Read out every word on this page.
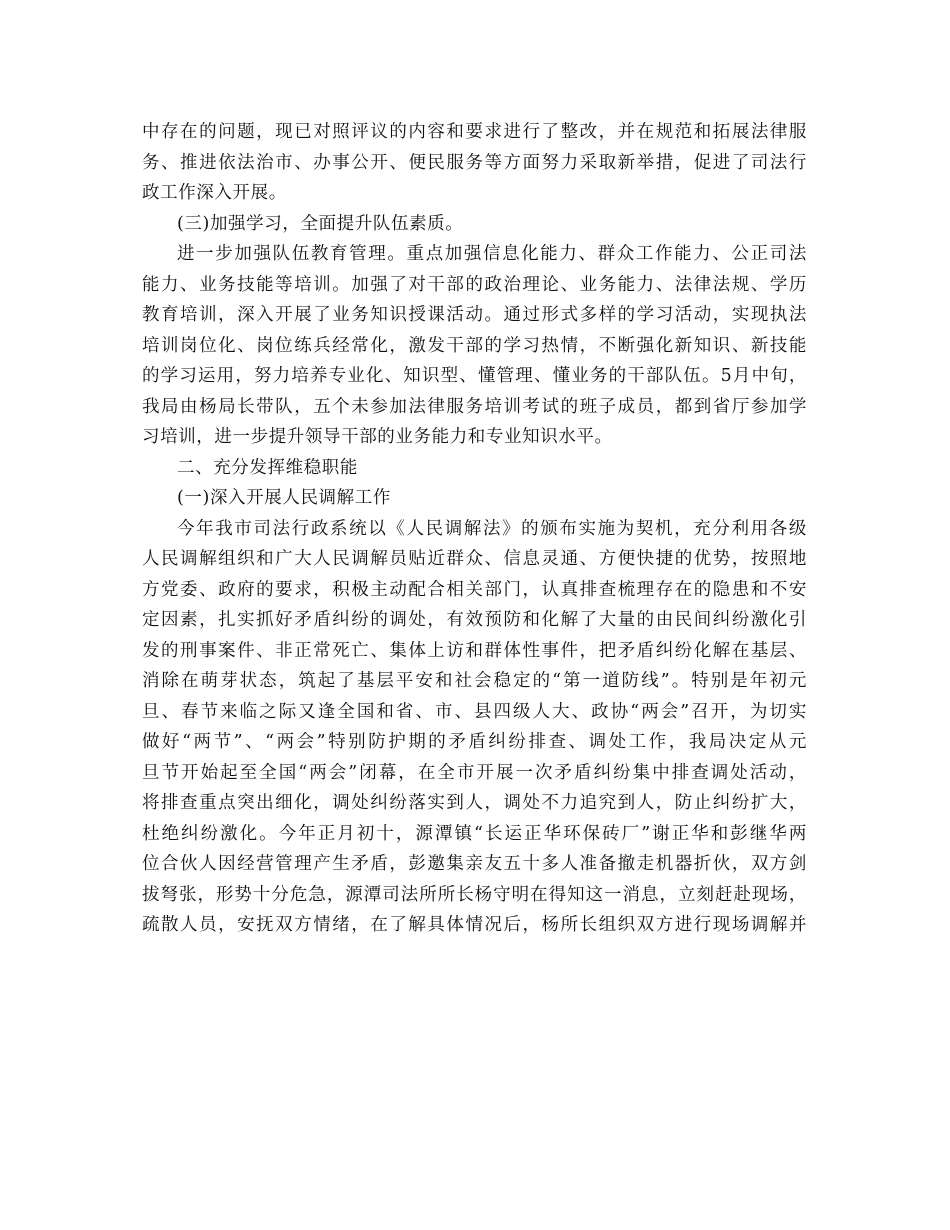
中存在的问题，现已对照评议的内容和要求进行了整改，并在规范和拓展法律服
务、推进依法治市、办事公开、便民服务等方面努力采取新举措，促进了司法行
政工作深入开展。
(三)加强学习，全面提升队伍素质。
进一步加强队伍教育管理。重点加强信息化能力、群众工作能力、公正司法
能力、业务技能等培训。加强了对干部的政治理论、业务能力、法律法规、学历
教育培训，深入开展了业务知识授课活动。通过形式多样的学习活动，实现执法
培训岗位化、岗位练兵经常化，激发干部的学习热情，不断强化新知识、新技能
的学习运用，努力培养专业化、知识型、懂管理、懂业务的干部队伍。5月中旬，
我局由杨局长带队，五个未参加法律服务培训考试的班子成员，都到省厅参加学
习培训，进一步提升领导干部的业务能力和专业知识水平。
二、充分发挥维稳职能
(一)深入开展人民调解工作
今年我市司法行政系统以《人民调解法》的颁布实施为契机，充分利用各级
人民调解组织和广大人民调解员贴近群众、信息灵通、方便快捷的优势，按照地
方党委、政府的要求，积极主动配合相关部门，认真排查梳理存在的隐患和不安
定因素，扎实抓好矛盾纠纷的调处，有效预防和化解了大量的由民间纠纷激化引
发的刑事案件、非正常死亡、集体上访和群体性事件，把矛盾纠纷化解在基层、
消除在萌芽状态，筑起了基层平安和社会稳定的“第一道防线”。特别是年初元
旦、春节来临之际又逢全国和省、市、县四级人大、政协“两会”召开，为切实
做好“两节”、“两会”特别防护期的矛盾纠纷排查、调处工作，我局决定从元
旦节开始起至全国“两会”闭幕，在全市开展一次矛盾纠纷集中排查调处活动，
将排查重点突出细化，调处纠纷落实到人，调处不力追究到人，防止纠纷扩大，
杜绝纠纷激化。今年正月初十，源潭镇“长运正华环保砖厂”谢正华和彭继华两
位合伙人因经营管理产生矛盾，彭邀集亲友五十多人准备撤走机器折伙，双方剑
拔弩张，形势十分危急，源潭司法所所长杨守明在得知这一消息，立刻赶赴现场，
疏散人员，安抚双方情绪，在了解具体情况后，杨所长组织双方进行现场调解并
